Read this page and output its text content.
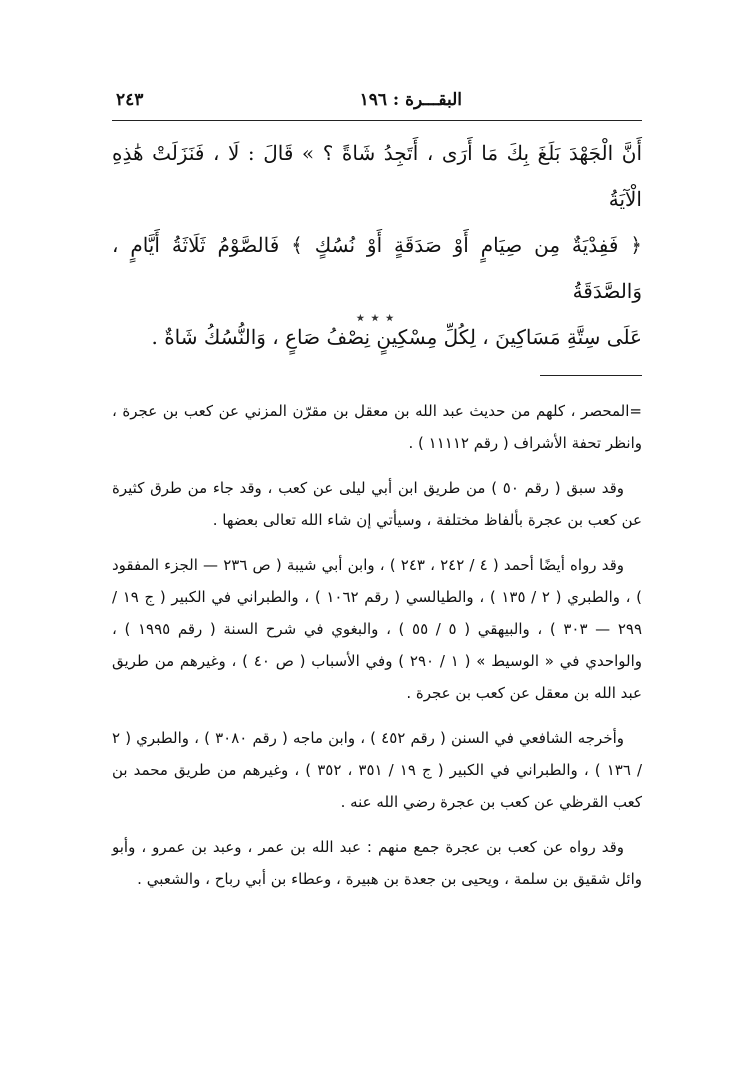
البقـــرة : ١٩٦
٢٤٣
أَنَّ الْجَهْدَ بَلَغَ بِكَ مَا أَرَى ، أَتَجِدُ شَاةً ؟ » قَالَ : لَا ، فَنَزَلَتْ هَٰذِهِ الْآيَةُ
﴿ فَفِدْيَةٌ مِن صِيَامٍ أَوْ صَدَقَةٍ أَوْ نُسُكٍ ﴾ فَالصَّوْمُ ثَلَاثَةُ أَيَّامٍ ، وَالصَّدَقَةُ
عَلَى سِتَّةِ مَسَاكِينَ ، لِكُلِّ مِسْكِينٍ نِصْفُ صَاعٍ ، وَالنُّسُكُ شَاةٌ .
٭ ٭ ٭

=المحصر ، كلهم من حديث عبد الله بن معقل بن مقرّن المزني عن كعب بن عجرة ، وانظر تحفة الأشراف ( رقم ١١١١٢ ) .

وقد سبق ( رقم ٥٠ ) من طريق ابن أبي ليلى عن كعب ، وقد جاء من طرق كثيرة عن كعب بن عجرة بألفاظ مختلفة ، وسيأتي إن شاء الله تعالى بعضها .

وقد رواه أيضًا أحمد ( ٤ / ٢٤٢ ، ٢٤٣ ) ، وابن أبي شيبة ( ص ٢٣٦ — الجزء المفقود ) ، والطبري ( ٢ / ١٣٥ ) ، والطيالسي ( رقم ١٠٦٢ ) ، والطبراني في الكبير ( ج ١٩ / ٢٩٩ — ٣٠٣ ) ، والبيهقي ( ٥ / ٥٥ ) ، والبغوي في شرح السنة ( رقم ١٩٩٥ ) ، والواحدي في « الوسيط » ( ١ / ٢٩٠ ) وفي الأسباب ( ص ٤٠ ) ، وغيرهم من طريق عبد الله بن معقل عن كعب بن عجرة .

وأخرجه الشافعي في السنن ( رقم ٤٥٢ ) ، وابن ماجه ( رقم ٣٠٨٠ ) ، والطبري ( ٢ / ١٣٦ ) ، والطبراني في الكبير ( ج ١٩ / ٣٥١ ، ٣٥٢ ) ، وغيرهم من طريق محمد بن كعب القرظي عن كعب بن عجرة رضي الله عنه .

وقد رواه عن كعب بن عجرة جمع منهم : عبد الله بن عمر ، وعبد بن عمرو ، وأبو وائل شقيق بن سلمة ، ويحيى بن جعدة بن هبيرة ، وعطاء بن أبي رباح ، والشعبي .
